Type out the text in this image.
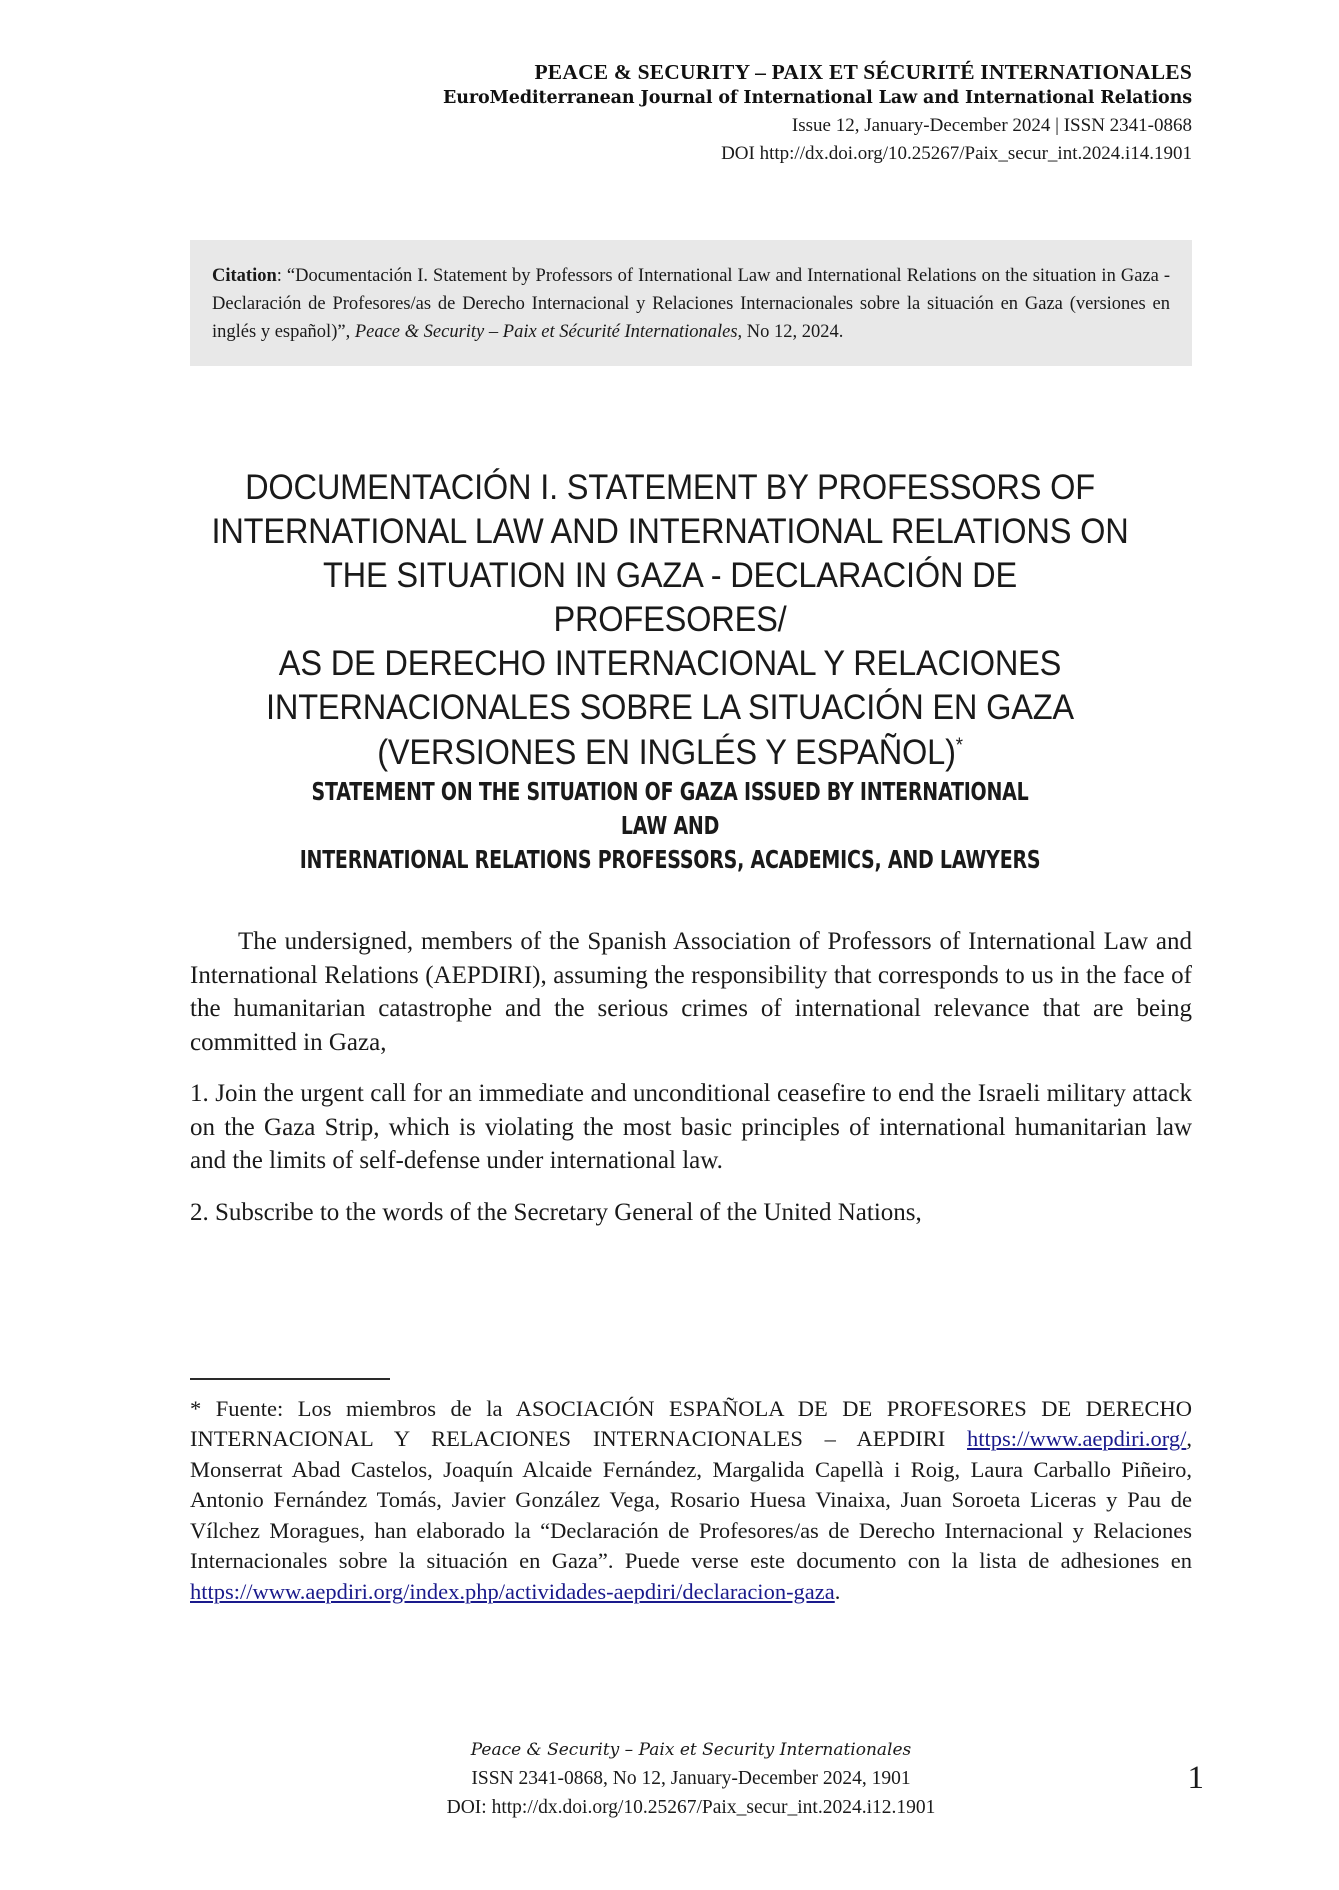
PEACE & SECURITY – PAIX ET SÉCURITÉ INTERNATIONALES
EuroMediterranean Journal of International Law and International Relations
Issue 12, January-December 2024 | ISSN 2341-0868
DOI http://dx.doi.org/10.25267/Paix_secur_int.2024.i14.1901
Citation: “Documentación I. Statement by Professors of International Law and International Relations on the situation in Gaza - Declaración de Profesores/as de Derecho Internacional y Relaciones Internacionales sobre la situación en Gaza (versiones en inglés y español)”, Peace & Security – Paix et Sécurité Internationales, No 12, 2024.
DOCUMENTACIÓN I. STATEMENT BY PROFESSORS OF
INTERNATIONAL LAW AND INTERNATIONAL RELATIONS ON
THE SITUATION IN GAZA - DECLARACIÓN DE PROFESORES/
AS DE DERECHO INTERNACIONAL Y RELACIONES
INTERNACIONALES SOBRE LA SITUACIÓN EN GAZA
(VERSIONES EN INGLÉS Y ESPAÑOL)*
STATEMENT ON THE SITUATION OF GAZA ISSUED BY INTERNATIONAL LAW AND
INTERNATIONAL RELATIONS PROFESSORS, ACADEMICS, AND LAWYERS

The undersigned, members of the Spanish Association of Professors of International Law and International Relations (AEPDIRI), assuming the responsibility that corresponds to us in the face of the humanitarian catastrophe and the serious crimes of international relevance that are being committed in Gaza,

1. Join the urgent call for an immediate and unconditional ceasefire to end the Israeli military attack on the Gaza Strip, which is violating the most basic principles of international humanitarian law and the limits of self-defense under international law.

2. Subscribe to the words of the Secretary General of the United Nations,

* Fuente: Los miembros de la ASOCIACIÓN ESPAÑOLA DE DE PROFESORES DE DERECHO INTERNACIONAL Y RELACIONES INTERNACIONALES – AEPDIRI https://www.aepdiri.org/, Monserrat Abad Castelos, Joaquín Alcaide Fernández, Margalida Capellà i Roig, Laura Carballo Piñeiro, Antonio Fernández Tomás, Javier González Vega, Rosario Huesa Vinaixa, Juan Soroeta Liceras y Pau de Vílchez Moragues, han elaborado la “Declaración de Profesores/as de Derecho Internacional y Relaciones Internacionales sobre la situación en Gaza”. Puede verse este documento con la lista de adhesiones en https://www.aepdiri.org/index.php/actividades-aepdiri/declaracion-gaza.
Peace & Security – Paix et Security Internationales
ISSN 2341-0868, No 12, January-December 2024, 1901
DOI: http://dx.doi.org/10.25267/Paix_secur_int.2024.i12.1901
1
